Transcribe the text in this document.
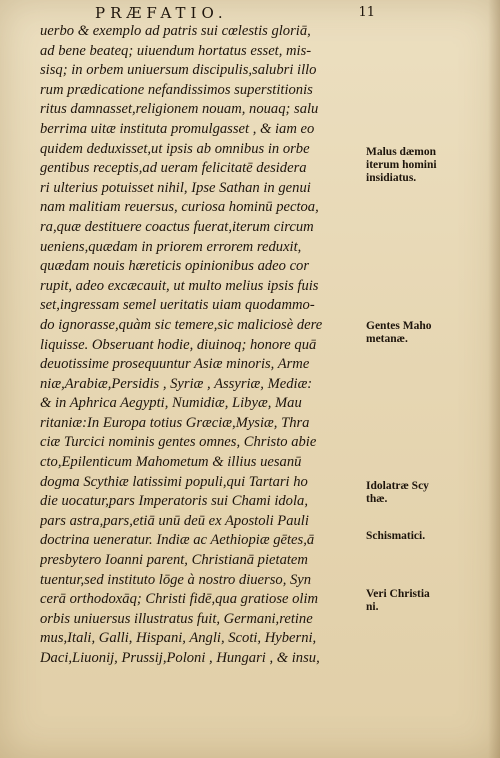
PRÆFATIO.	11
uerbo & exemplo ad patris sui cœlestis gloriā,
ad bene beateq; uiuendum hortatus esset, mis-
sisq; in orbem uniuersum discipulis,salubri illo
rum prædicatione nefandissimos superstitionis
ritus damnasset,religionem nouam, nouaq; salu
berrima uitæ instituta promulgasset , & iam eo
quidem deduxisset,ut ipsis ab omnibus in orbe
gentibus receptis,ad ueram felicitatē desidera
ri ulterius potuisset nihil, Ipse Sathan in genui
nam malitiam reuersus, curiosa hominū pectoa,
ra,quæ destituere coactus fuerat,iterum circum
ueniens,quædam in priorem errorem reduxit,
quædam nouis hæreticis opinionibus adeo cor
rupit, adeo excæcauit, ut multo melius ipsis fuis
set,ingressam semel ueritatis uiam quodammo-
do ignorasse,quàm sic temere,sic maliciosè dere
liquisse. Obseruant hodie, diuinoq; honore quā
deuotissime prosequuntur Asiæ minoris, Arme
niæ,Arabiæ,Persidis , Syriæ , Assyriæ, Mediæ:
& in Aphrica Aegypti, Numidiæ, Libyæ, Mau
ritaniæ:In Europa totius Græciæ,Mysiæ, Thra
ciæ Turcici nominis gentes omnes, Christo abie
cto,Epilenticum Mahometum & illius uesanū
dogma Scythiæ latissimi populi,qui Tartari ho
die uocatur,pars Imperatoris sui Chami idola,
pars astra,pars,etiā unū deū ex Apostoli Pauli
doctrina ueneratur. Indiæ ac Aethiopiæ gētes,ā
presbytero Ioanni parent, Christianā pietatem
tuentur,sed instituto lōge à nostro diuerso, Syn
cerā orthodoxāq; Christi fidē,qua gratiose olim
orbis uniuersus illustratus fuit, Germani,retine
mus,Itali, Galli, Hispani, Angli, Scoti, Hyberni,
Daci,Liuonij, Prussij,Poloni , Hungari , & insu,
Malus dæmon
iterum homini
insidiatus.
Gentes Maho
metanæ.
Idolatræ Scy
thæ.
Schismatici.
Veri Christia
ni.
